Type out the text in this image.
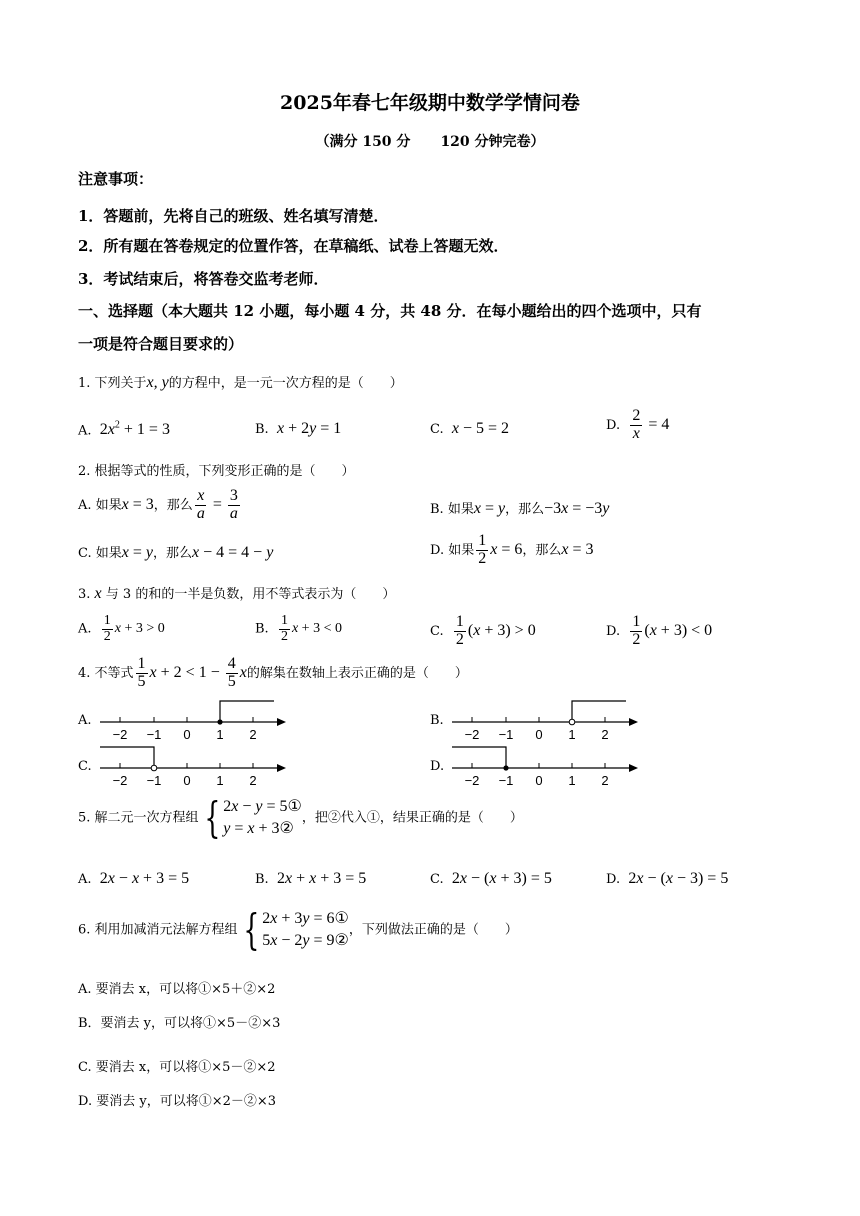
2025年春七年级期中数学学情问卷
（满分 150 分 120 分钟完卷）
注意事项：
1．答题前，先将自己的班级、姓名填写清楚．
2．所有题在答卷规定的位置作答，在草稿纸、试卷上答题无效．
3．考试结束后，将答卷交监考老师．
一、选择题（本大题共 12 小题，每小题 4 分，共 48 分．在每小题给出的四个选项中，只有
一项是符合题目要求的）
1. 下列关于x, y的方程中，是一元一次方程的是（　　）
A. $2x^2 + 1 = 3$	B. x + 2y = 1	C. x − 5 = 2	D. $\frac{2}{x} = 4$
2. 根据等式的性质，下列变形正确的是（　　）
A. 如果x = 3，那么 $\frac{x}{a} = \frac{3}{a}$	B. 如果x = y，那么−3x = −3y
C. 如果x = y，那么x − 4 = 4 − y	D. 如果 $\frac{1}{2}$ x = 6，那么x = 3
3. x 与 3 的和的一半是负数，用不等式表示为（　　）
A. $\frac{1}{2}$ x + 3 > 0	B. $\frac{1}{2}$ x + 3 < 0	C. $\frac{1}{2} (x + 3) > 0$	D. $\frac{1}{2} (x + 3) < 0$
4. 不等式 $\frac{1}{5}$ $x + 2 < 1 - \frac{4}{5}$ x的解集在数轴上表示正确的是（　　）
A.	B.
C.	D.
−2 −1 0 1 2	−2 −1 0 1 2
−2 −1 0 1 2	−2 −1 0 1 2
5. 解二元一次方程组 { 2x − y = 5①
y = x + 3②
，把②代入①，结果正确的是（　　）
A. 2x − x + 3 = 5	B. 2x + x + 3 = 5	C. 2x − (x + 3) = 5	D. 2x − (x − 3) = 5
6. 利用加减消元法解方程组 { 2x + 3y = 6①
5x − 2y = 9②
，下列做法正确的是（　　）
A. 要消去 x，可以将①×5＋②×2
B．要消去 y，可以将①×5－②×3
C. 要消去 x，可以将①×5－②×2
D. 要消去 y，可以将①×2－②×3
